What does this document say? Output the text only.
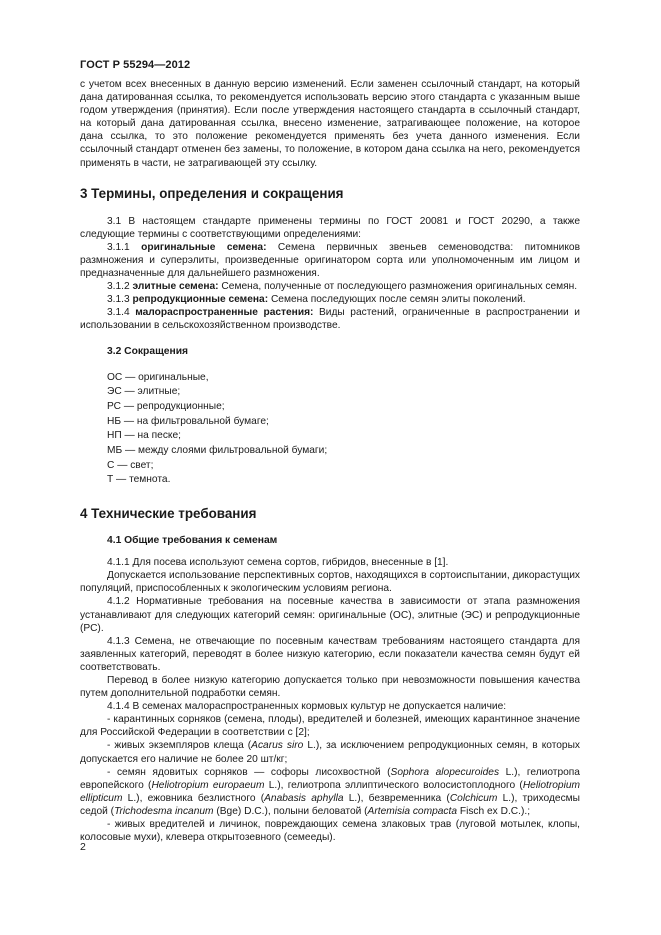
ГОСТ Р 55294—2012

с учетом всех внесенных в данную версию изменений. Если заменен ссылочный стандарт, на который дана датированная ссылка, то рекомендуется использовать версию этого стандарта с указанным выше годом утверждения (принятия). Если после утверждения настоящего стандарта в ссылочный стандарт, на который дана датированная ссылка, внесено изменение, затрагивающее положение, на которое дана ссылка, то это положение рекомендуется применять без учета данного изменения. Если ссылочный стандарт отменен без замены, то положение, в котором дана ссылка на него, рекомендуется применять в части, не затрагивающей эту ссылку.

3 Термины, определения и сокращения

3.1 В настоящем стандарте применены термины по ГОСТ 20081 и ГОСТ 20290, а также следующие термины с соответствующими определениями:

3.1.1 оригинальные семена: Семена первичных звеньев семеноводства: питомников размножения и суперэлиты, произведенные оригинатором сорта или уполномоченным им лицом и предназначенные для дальнейшего размножения.

3.1.2 элитные семена: Семена, полученные от последующего размножения оригинальных семян.

3.1.3 репродукционные семена: Семена последующих после семян элиты поколений.

3.1.4 малораспространенные растения: Виды растений, ограниченные в распространении и использовании в сельскохозяйственном производстве.

3.2 Сокращения
ОС — оригинальные,
ЭС — элитные;
РС — репродукционные;
НБ — на фильтровальной бумаге;
НП — на песке;
МБ — между слоями фильтровальной бумаги;
С — свет;
Т — темнота.
4 Технические требования
4.1 Общие требования к семенам

4.1.1 Для посева используют семена сортов, гибридов, внесенные в [1].

Допускается использование перспективных сортов, находящихся в сортоиспытании, дикорастущих популяций, приспособленных к экологическим условиям региона.

4.1.2 Нормативные требования на посевные качества в зависимости от этапа размножения устанавливают для следующих категорий семян: оригинальные (ОС), элитные (ЭС) и репродукционные (РС).

4.1.3 Семена, не отвечающие по посевным качествам требованиям настоящего стандарта для заявленных категорий, переводят в более низкую категорию, если показатели качества семян будут ей соответствовать.

Перевод в более низкую категорию допускается только при невозможности повышения качества путем дополнительной подработки семян.

4.1.4 В семенах малораспространенных кормовых культур не допускается наличие:

- карантинных сорняков (семена, плоды), вредителей и болезней, имеющих карантинное значение для Российской Федерации в соответствии с [2];

- живых экземпляров клеща (Acarus siro L.), за исключением репродукционных семян, в которых допускается его наличие не более 20 шт/кг;

- семян ядовитых сорняков — софоры лисохвостной (Sophora alopecuroides L.), гелиотропа европейского (Heliotropium europaeum L.), гелиотропа эллиптического волосистоплодного (Heliotropium ellipticum L.), ежовника безлистного (Anabasis aphylla L.), безвременника (Colchicum L.), триходесмы седой (Trichodesma incanum (Bge) D.C.), полыни беловатой (Artemisia compacta Fisch ex D.C.).;

- живых вредителей и личинок, повреждающих семена злаковых трав (луговой мотылек, клопы, колосовые мухи), клевера открытозевного (семееды).

2
